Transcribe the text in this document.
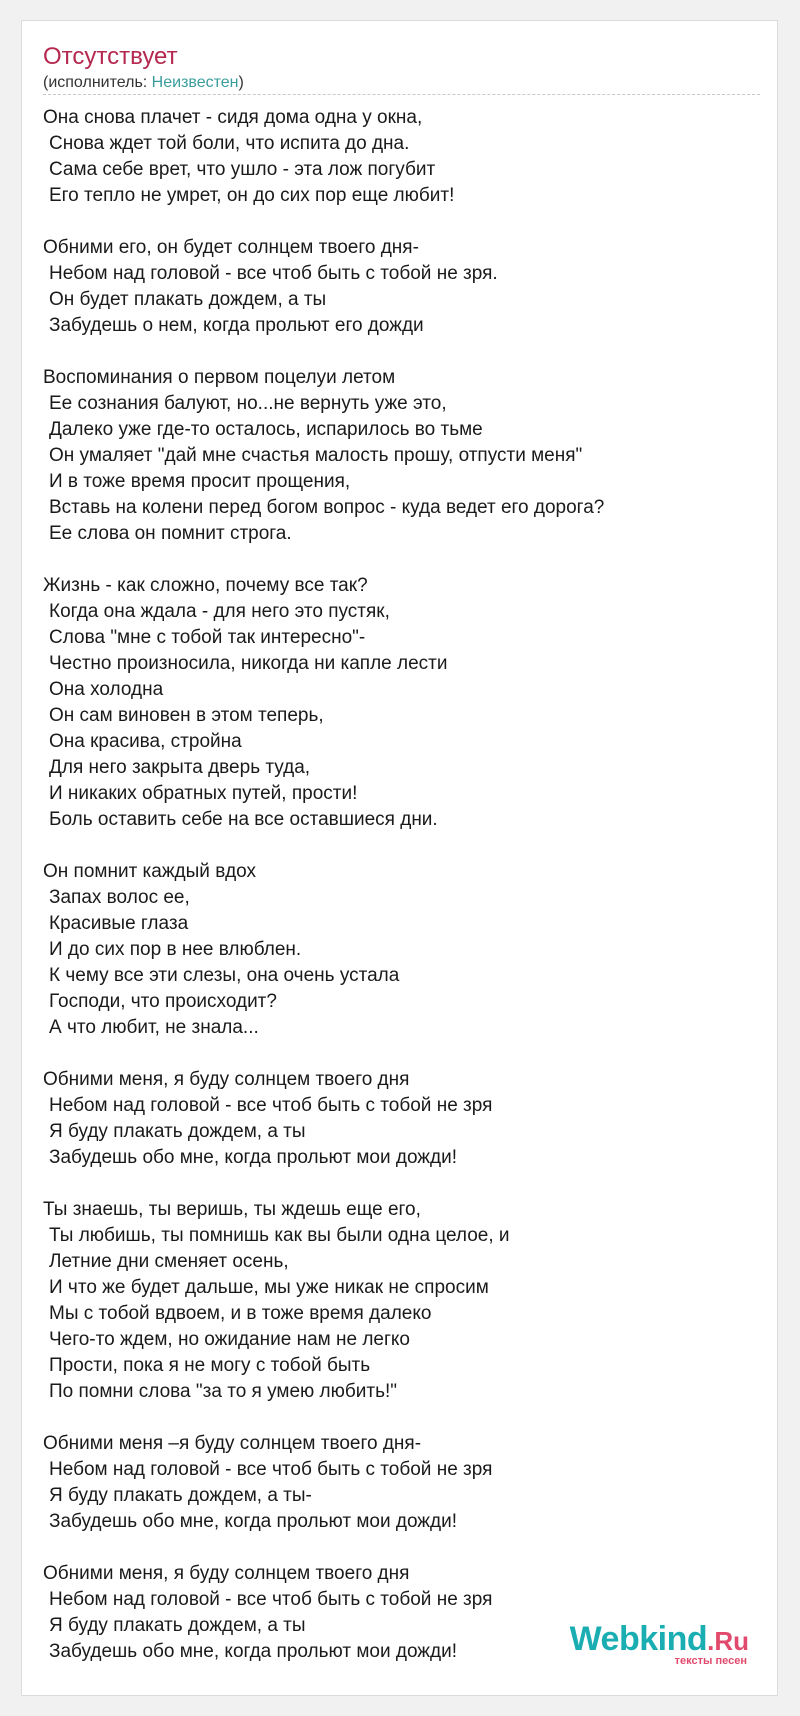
Отсутствует
(исполнитель: Неизвестен)
Она снова плачет - сидя дома одна у окна,
Снова ждет той боли, что испита до дна.
Сама себе врет, что ушло - эта лож погубит
Его тепло не умрет, он до сих пор еще любит!
Обними его, он будет солнцем твоего дня-
Небом над головой - все чтоб быть с тобой не зря.
Он будет плакать дождем, а ты
Забудешь о нем, когда прольют его дожди
Воспоминания о первом поцелуи летом
Ее сознания балуют, но...не вернуть уже это,
Далеко уже где-то осталось, испарилось во тьме
Он умаляет "дай мне счастья малость прошу, отпусти меня"
И в тоже время просит прощения,
Вставь на колени перед богом вопрос - куда ведет его дорога?
Ее слова он помнит строга.
Жизнь - как сложно, почему все так?
Когда она ждала - для него это пустяк,
Слова "мне с тобой так интересно"-
Честно произносила, никогда ни капле лести
Она холодна
Он сам виновен в этом теперь,
Она красива, стройна
Для него закрыта дверь туда,
И никаких обратных путей, прости!
Боль оставить себе на все оставшиеся дни.
Он помнит каждый вдох
Запах волос ее,
Красивые глаза
И до сих пор в нее влюблен.
К чему все эти слезы, она очень устала
Господи, что происходит?
А что любит, не знала...
Обними меня, я буду солнцем твоего дня
Небом над головой - все чтоб быть с тобой не зря
Я буду плакать дождем, а ты
Забудешь обо мне, когда прольют мои дожди!
Ты знаешь, ты веришь, ты ждешь еще его,
Ты любишь, ты помнишь как вы были одна целое, и
Летние дни сменяет осень,
И что же будет дальше, мы уже никак не спросим
Мы с тобой вдвоем, и в тоже время далеко
Чего-то ждем, но ожидание нам не легко
Прости, пока я не могу с тобой быть
По помни слова "за то я умею любить!"
Обними меня –я буду солнцем твоего дня-
Небом над головой - все чтоб быть с тобой не зря
Я буду плакать дождем, а ты-
Забудешь обо мне, когда прольют мои дожди!
Обними меня, я буду солнцем твоего дня
Небом над головой - все чтоб быть с тобой не зря
Я буду плакать дождем, а ты
Забудешь обо мне, когда прольют мои дожди!	Webkind.Ru
тексты песен
